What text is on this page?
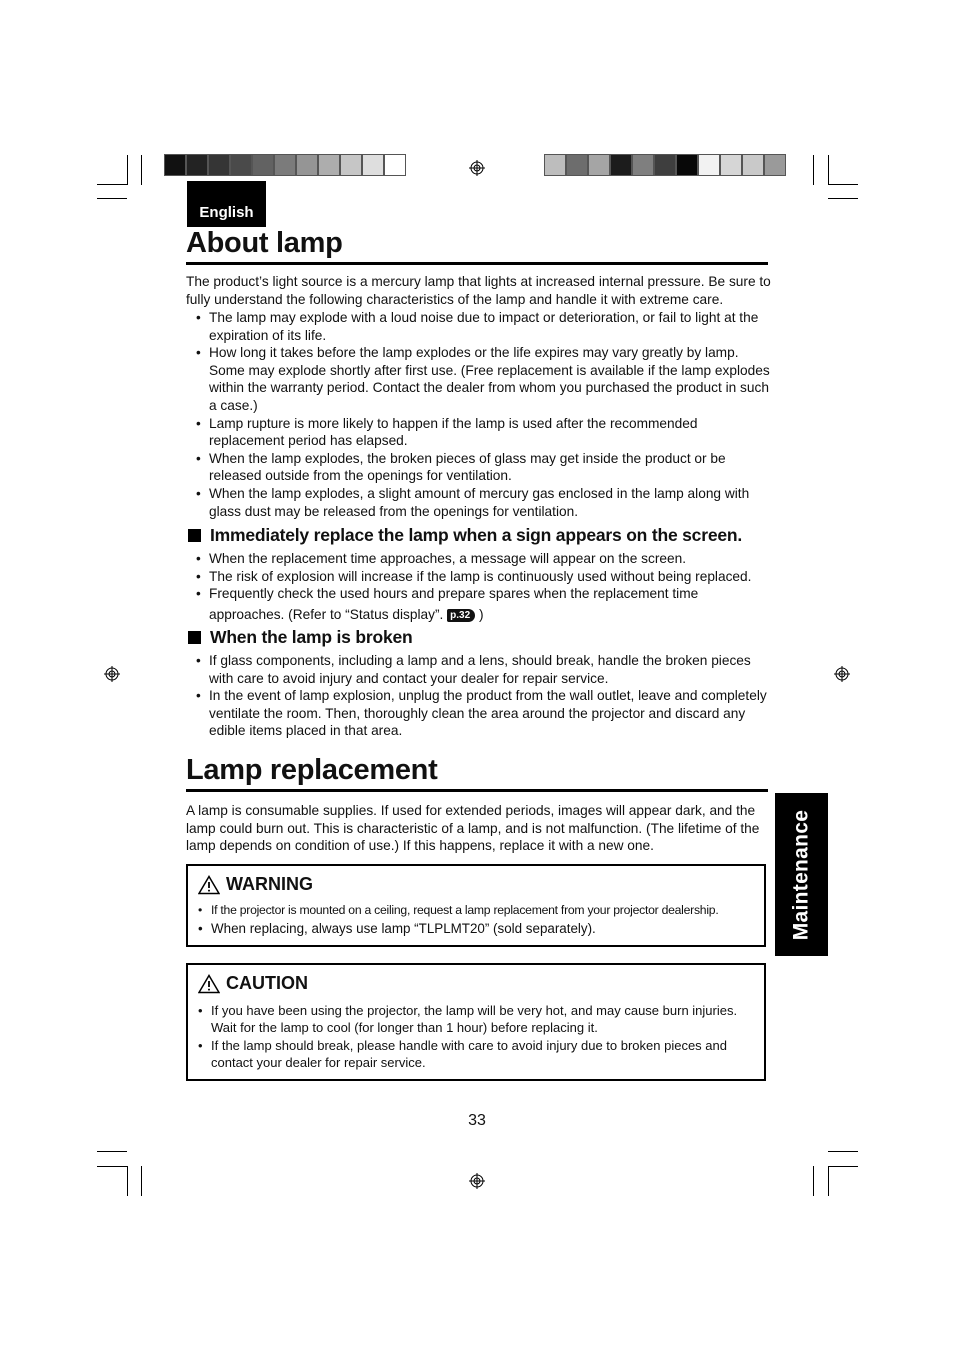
English
About lamp
The product’s light source is a mercury lamp that lights at increased internal pressure. Be sure to fully understand the following characteristics of the lamp and handle it with extreme care.
• The lamp may explode with a loud noise due to impact or deterioration, or fail to light at the expiration of its life.
• How long it takes before the lamp explodes or the life expires may vary greatly by lamp. Some may explode shortly after first use. (Free replacement is available if the lamp explodes within the warranty period. Contact the dealer from whom you purchased the product in such a case.)
• Lamp rupture is more likely to happen if the lamp is used after the recommended replacement period has elapsed.
• When the lamp explodes, the broken pieces of glass may get inside the product or be released outside from the openings for ventilation.
• When the lamp explodes, a slight amount of mercury gas enclosed in the lamp along with glass dust may be released from the openings for ventilation.
Immediately replace the lamp when a sign appears on the screen.
• When the replacement time approaches, a message will appear on the screen.
• The risk of explosion will increase if the lamp is continuously used without being replaced.
• Frequently check the used hours and prepare spares when the replacement time
approaches. (Refer to “Status display”. p.32 )
When the lamp is broken
• If glass components, including a lamp and a lens, should break, handle the broken pieces with care to avoid injury and contact your dealer for repair service.
• In the event of lamp explosion, unplug the product from the wall outlet, leave and completely ventilate the room. Then, thoroughly clean the area around the projector and discard any edible items placed in that area.
Lamp replacement
A lamp is consumable supplies. If used for extended periods, images will appear dark, and the lamp could burn out. This is characteristic of a lamp, and is not malfunction. (The lifetime of the lamp depends on condition of use.) If this happens, replace it with a new one.	Maintenance
WARNING
• If the projector is mounted on a ceiling, request a lamp replacement from your projector dealership.
• When replacing, always use lamp “TLPLMT20” (sold separately).
CAUTION
• If you have been using the projector, the lamp will be very hot, and may cause burn injuries. Wait for the lamp to cool (for longer than 1 hour) before replacing it.
• If the lamp should break, please handle with care to avoid injury due to broken pieces and contact your dealer for repair service.
33
